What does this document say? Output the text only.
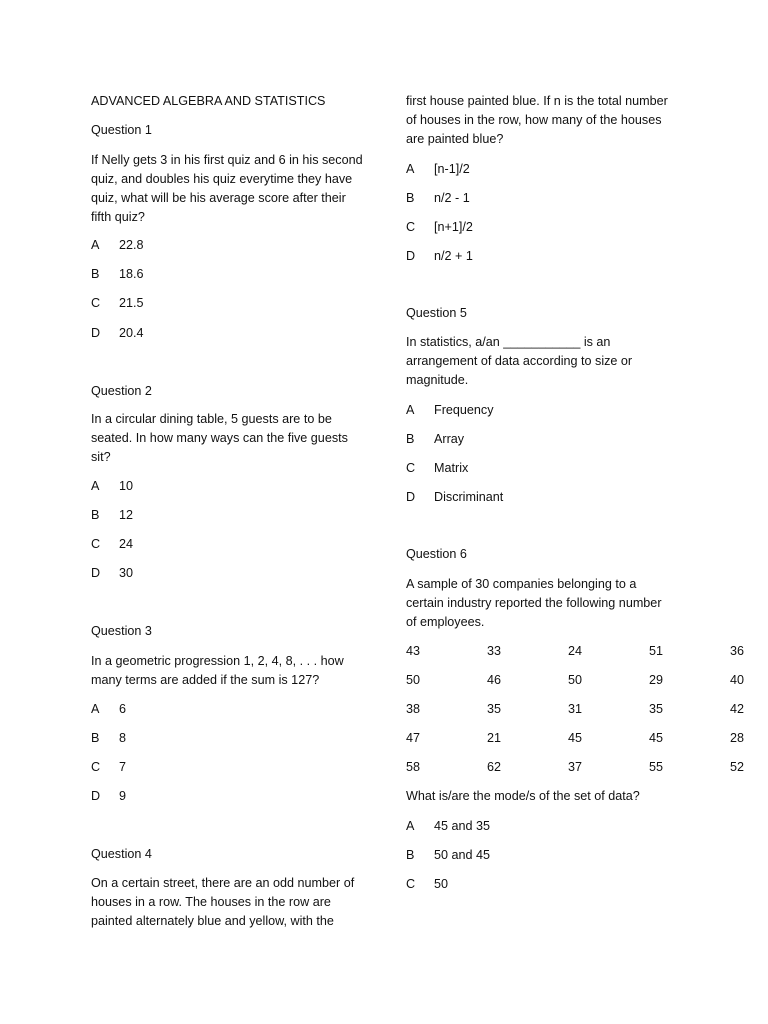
ADVANCED ALGEBRA AND STATISTICS
Question 1
If Nelly gets 3 in his first quiz and 6 in his second
quiz, and doubles his quiz everytime they have
quiz, what will be his average score after their
fifth quiz?
A 22.8
B 18.6
C 21.5
D 20.4
Question 2
In a circular dining table, 5 guests are to be
seated. In how many ways can the five guests
sit?
A 10
B 12
C 24
D 30
Question 3
In a geometric progression 1, 2, 4, 8, . . . how
many terms are added if the sum is 127?
A 6
B 8
C 7
D 9
Question 4
On a certain street, there are an odd number of
houses in a row. The houses in the row are
painted alternately blue and yellow, with the
first house painted blue. If n is the total number
of houses in the row, how many of the houses
are painted blue?
A [n-1]/2
B n/2 - 1
C [n+1]/2
D n/2 + 1
Question 5
In statistics, a/an ___________ is an
arrangement of data according to size or
magnitude.
A Frequency
B Array
C Matrix
D Discriminant
Question 6
A sample of 30 companies belonging to a
certain industry reported the following number
of employees.
43	33	24	51	36
50	46	50	29	40
38	35	31	35	42
47	21	45	45	28
58	62	37	55	52
What is/are the mode/s of the set of data?
A 45 and 35
B 50 and 45
C 50
